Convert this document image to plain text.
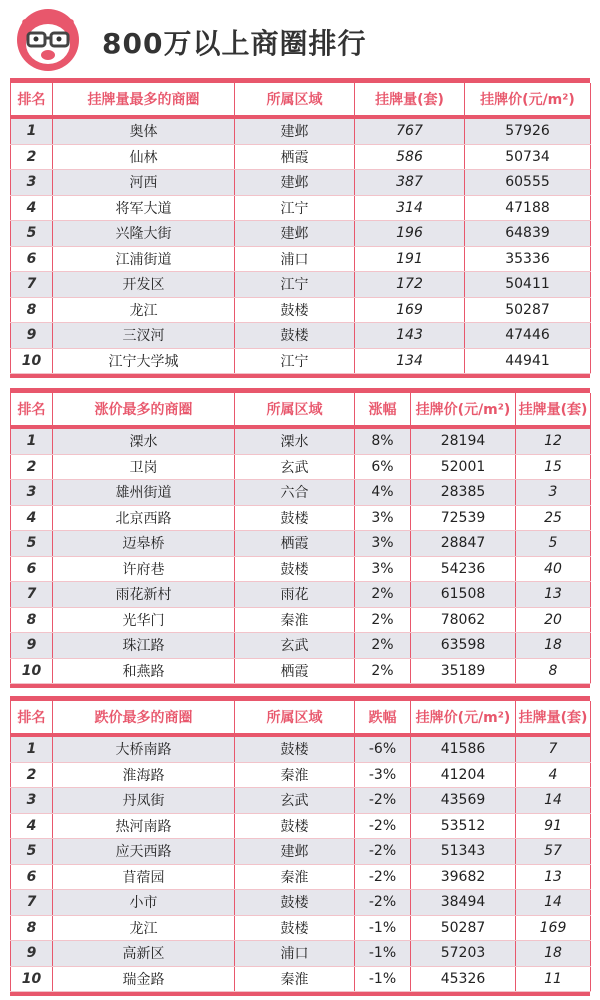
800万以上商圈排行
排名	挂牌量最多的商圈	所属区域	挂牌量(套)	挂牌价(元/m²)
1	奥体	建邺	767	57926
2	仙林	栖霞	586	50734
3	河西	建邺	387	60555
4	将军大道	江宁	314	47188
5	兴隆大街	建邺	196	64839
6	江浦街道	浦口	191	35336
7	开发区	江宁	172	50411
8	龙江	鼓楼	169	50287
9	三汊河	鼓楼	143	47446
10	江宁大学城	江宁	134	44941
排名	涨价最多的商圈	所属区域	涨幅	挂牌价(元/m²)	挂牌量(套)
1	溧水	溧水	8%	28194	12
2	卫岗	玄武	6%	52001	15
3	雄州街道	六合	4%	28385	3
4	北京西路	鼓楼	3%	72539	25
5	迈皋桥	栖霞	3%	28847	5
6	许府巷	鼓楼	3%	54236	40
7	雨花新村	雨花	2%	61508	13
8	光华门	秦淮	2%	78062	20
9	珠江路	玄武	2%	63598	18
10	和燕路	栖霞	2%	35189	8
排名	跌价最多的商圈	所属区域	跌幅	挂牌价(元/m²)	挂牌量(套)
1	大桥南路	鼓楼	-6%	41586	7
2	淮海路	秦淮	-3%	41204	4
3	丹凤街	玄武	-2%	43569	14
4	热河南路	鼓楼	-2%	53512	91
5	应天西路	建邺	-2%	51343	57
6	苜蓿园	秦淮	-2%	39682	13
7	小市	鼓楼	-2%	38494	14
8	龙江	鼓楼	-1%	50287	169
9	高新区	浦口	-1%	57203	18
10	瑞金路	秦淮	-1%	45326	11
